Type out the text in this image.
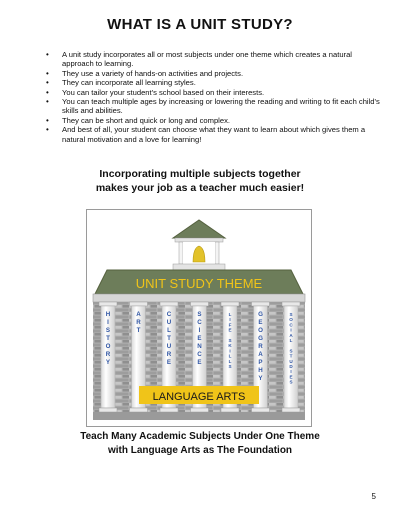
WHAT IS A UNIT STUDY?
• A unit study incorporates all or most subjects under one theme which creates a natural approach to learning.
• They use a variety of hands-on activities and projects.
• They can incorporate all learning styles.
• You can tailor your student's school based on their interests.
• You can teach multiple ages by increasing or lowering the reading and writing to fit each child's skills and abilities.
• They can be short and quick or long and complex.
• And best of all, your student can choose what they want to learn about which gives them a natural motivation and a love for learning!
Incorporating multiple subjects together
makes your job as a teacher much easier!
UNIT STUDY THEME
H I S T O R Y
A R T
C U L T U R E
S C I E N C E
L I F E S K I L L S
G E O G R A P H Y
S O C I A L S T U D I E S
LANGUAGE ARTS
Teach Many Academic Subjects Under One Theme
with Language Arts as The Foundation
5
